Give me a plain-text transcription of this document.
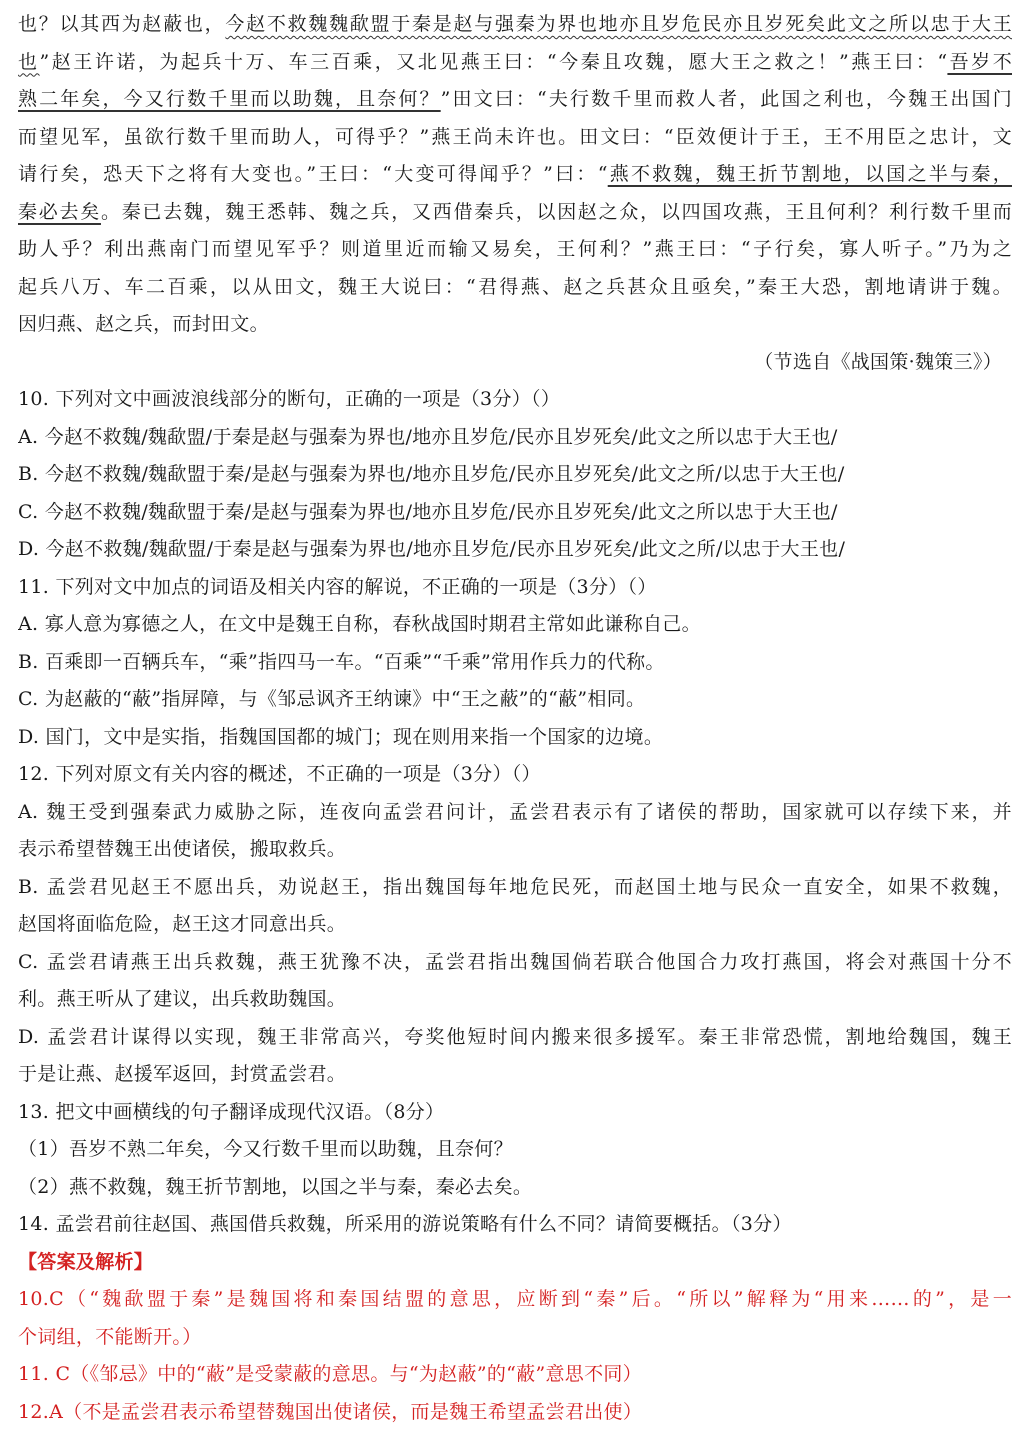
也？以其西为赵蔽也，今赵不救魏魏歃盟于秦是赵与强秦为界也地亦且岁危民亦且岁死矣此文之所以忠于大王
也”赵王许诺，为起兵十万、车三百乘，又北见燕王曰：“今秦且攻魏，愿大王之救之！”燕王曰：“吾岁不
熟二年矣，今又行数千里而以助魏，且奈何？”田文曰：“夫行数千里而救人者，此国之利也，今魏王出国门
而望见军，虽欲行数千里而助人，可得乎？”燕王尚未许也。田文曰：“臣效便计于王，王不用臣之忠计，文
请行矣，恐天下之将有大变也。”王曰：“大变可得闻乎？”曰：“燕不救魏，魏王折节割地，以国之半与秦，
秦必去矣。秦已去魏，魏王悉韩、魏之兵，又西借秦兵，以因赵之众，以四国攻燕，王且何利？利行数千里而
助人乎？利出燕南门而望见军乎？则道里近而输又易矣，王何利？”燕王曰：“子行矣，寡人听子。”乃为之
起兵八万、车二百乘，以从田文，魏王大说曰：“君得燕、赵之兵甚众且亟矣，”秦王大恐，割地请讲于魏。
因归燕、赵之兵，而封田文。
（节选自《战国策·魏策三》）
10. 下列对文中画波浪线部分的断句，正确的一项是（3分）（）
A. 今赵不救魏/魏歃盟/于秦是赵与强秦为界也/地亦且岁危/民亦且岁死矣/此文之所以忠于大王也/
B. 今赵不救魏/魏歃盟于秦/是赵与强秦为界也/地亦且岁危/民亦且岁死矣/此文之所/以忠于大王也/
C. 今赵不救魏/魏歃盟于秦/是赵与强秦为界也/地亦且岁危/民亦且岁死矣/此文之所以忠于大王也/
D. 今赵不救魏/魏歃盟/于秦是赵与强秦为界也/地亦且岁危/民亦且岁死矣/此文之所/以忠于大王也/
11. 下列对文中加点的词语及相关内容的解说，不正确的一项是（3分）（）
A. 寡人意为寡德之人，在文中是魏王自称，春秋战国时期君主常如此谦称自己。
B. 百乘即一百辆兵车，“乘”指四马一车。“百乘”“千乘”常用作兵力的代称。
C. 为赵蔽的“蔽”指屏障，与《邹忌讽齐王纳谏》中“王之蔽”的“蔽”相同。
D. 国门，文中是实指，指魏国国都的城门；现在则用来指一个国家的边境。
12. 下列对原文有关内容的概述，不正确的一项是（3分）（）
A. 魏王受到强秦武力威胁之际，连夜向孟尝君问计，孟尝君表示有了诸侯的帮助，国家就可以存续下来，并
表示希望替魏王出使诸侯，搬取救兵。
B. 孟尝君见赵王不愿出兵，劝说赵王，指出魏国每年地危民死，而赵国土地与民众一直安全，如果不救魏，
赵国将面临危险，赵王这才同意出兵。
C. 孟尝君请燕王出兵救魏，燕王犹豫不决，孟尝君指出魏国倘若联合他国合力攻打燕国，将会对燕国十分不
利。燕王听从了建议，出兵救助魏国。
D. 孟尝君计谋得以实现，魏王非常高兴，夸奖他短时间内搬来很多援军。秦王非常恐慌，割地给魏国，魏王
于是让燕、赵援军返回，封赏孟尝君。
13. 把文中画横线的句子翻译成现代汉语。（8分）
（1）吾岁不熟二年矣，今又行数千里而以助魏，且奈何？
（2）燕不救魏，魏王折节割地，以国之半与秦，秦必去矣。
14. 孟尝君前往赵国、燕国借兵救魏，所采用的游说策略有什么不同？请简要概括。（3分）
【答案及解析】
10.C（“魏歃盟于秦”是魏国将和秦国结盟的意思，应断到“秦”后。“所以”解释为“用来……的”，是一
个词组，不能断开。）
11. C（《邹忌》中的“蔽”是受蒙蔽的意思。与“为赵蔽”的“蔽”意思不同）
12.A（不是孟尝君表示希望替魏国出使诸侯，而是魏王希望孟尝君出使）
